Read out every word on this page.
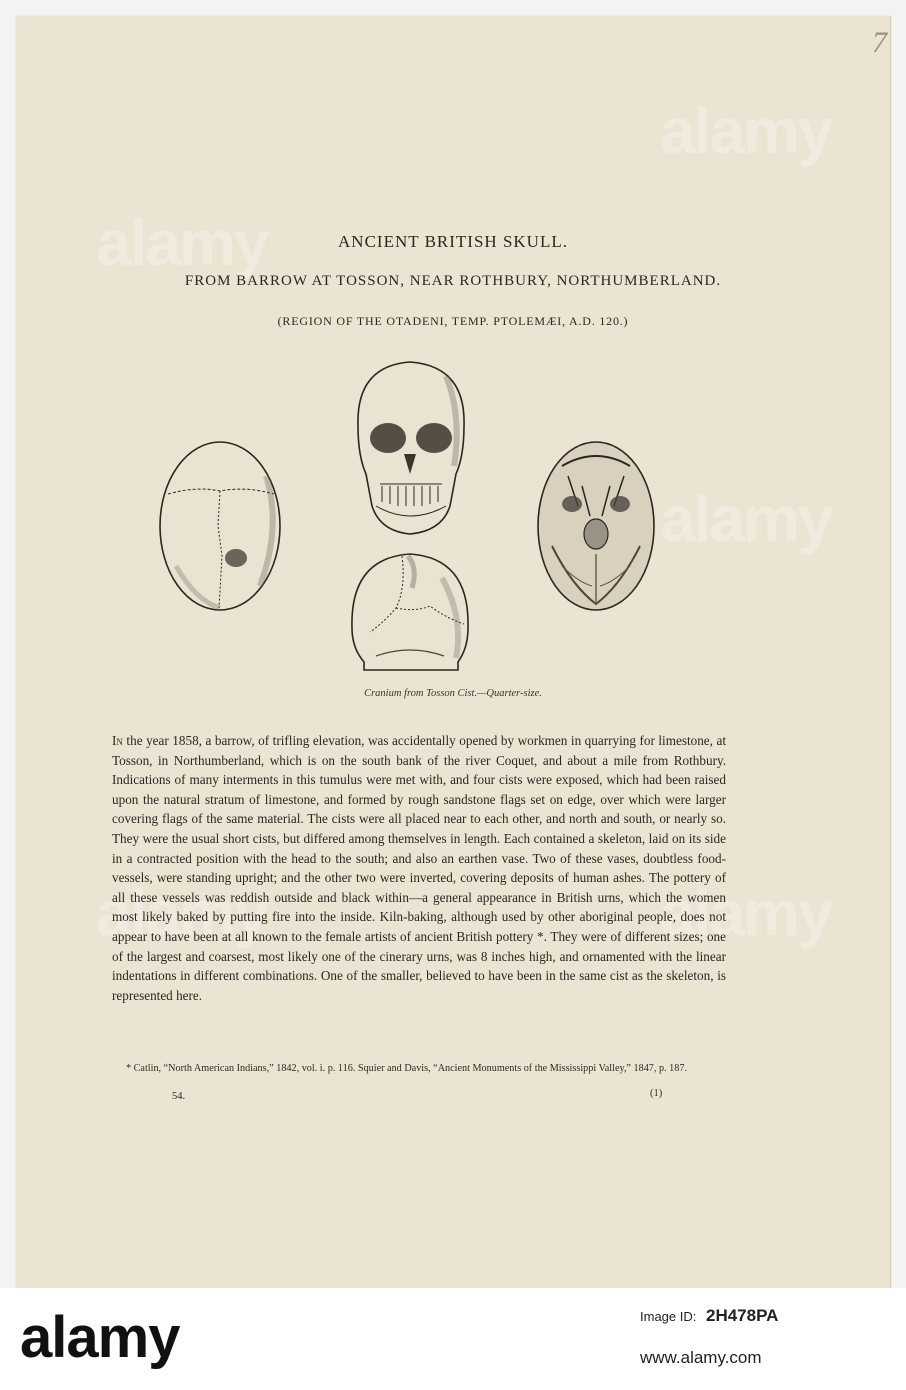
7
alamy
alamy
alamy
alamy
alamy
ANCIENT BRITISH SKULL.
FROM BARROW AT TOSSON, NEAR ROTHBURY, NORTHUMBERLAND.
(REGION OF THE OTADENI, TEMP. PTOLEMÆI, A.D. 120.)
Cranium from Tosson Cist.—Quarter-size.
In the year 1858, a barrow, of trifling elevation, was accidentally opened by workmen in quarrying for limestone, at Tosson, in Northumberland, which is on the south bank of the river Coquet, and about a mile from Rothbury. Indications of many interments in this tumulus were met with, and four cists were exposed, which had been raised upon the natural stratum of limestone, and formed by rough sandstone flags set on edge, over which were larger covering flags of the same material. The cists were all placed near to each other, and north and south, or nearly so. They were the usual short cists, but differed among themselves in length. Each contained a skeleton, laid on its side in a contracted position with the head to the south; and also an earthen vase. Two of these vases, doubtless food-vessels, were standing upright; and the other two were inverted, covering deposits of human ashes. The pottery of all these vessels was reddish outside and black within—a general appearance in British urns, which the women most likely baked by putting fire into the inside. Kiln-baking, although used by other aboriginal people, does not appear to have been at all known to the female artists of ancient British pottery *. They were of different sizes; one of the largest and coarsest, most likely one of the cinerary urns, was 8 inches high, and ornamented with the linear indentations in different combinations. One of the smaller, believed to have been in the same cist as the skeleton, is represented here.
* Catlin, “North American Indians,” 1842, vol. i. p. 116. Squier and Davis, “Ancient Monuments of the Mississippi Valley,” 1847, p. 187.
54.	(1)
alamy	Image ID: 2H478PA
www.alamy.com
